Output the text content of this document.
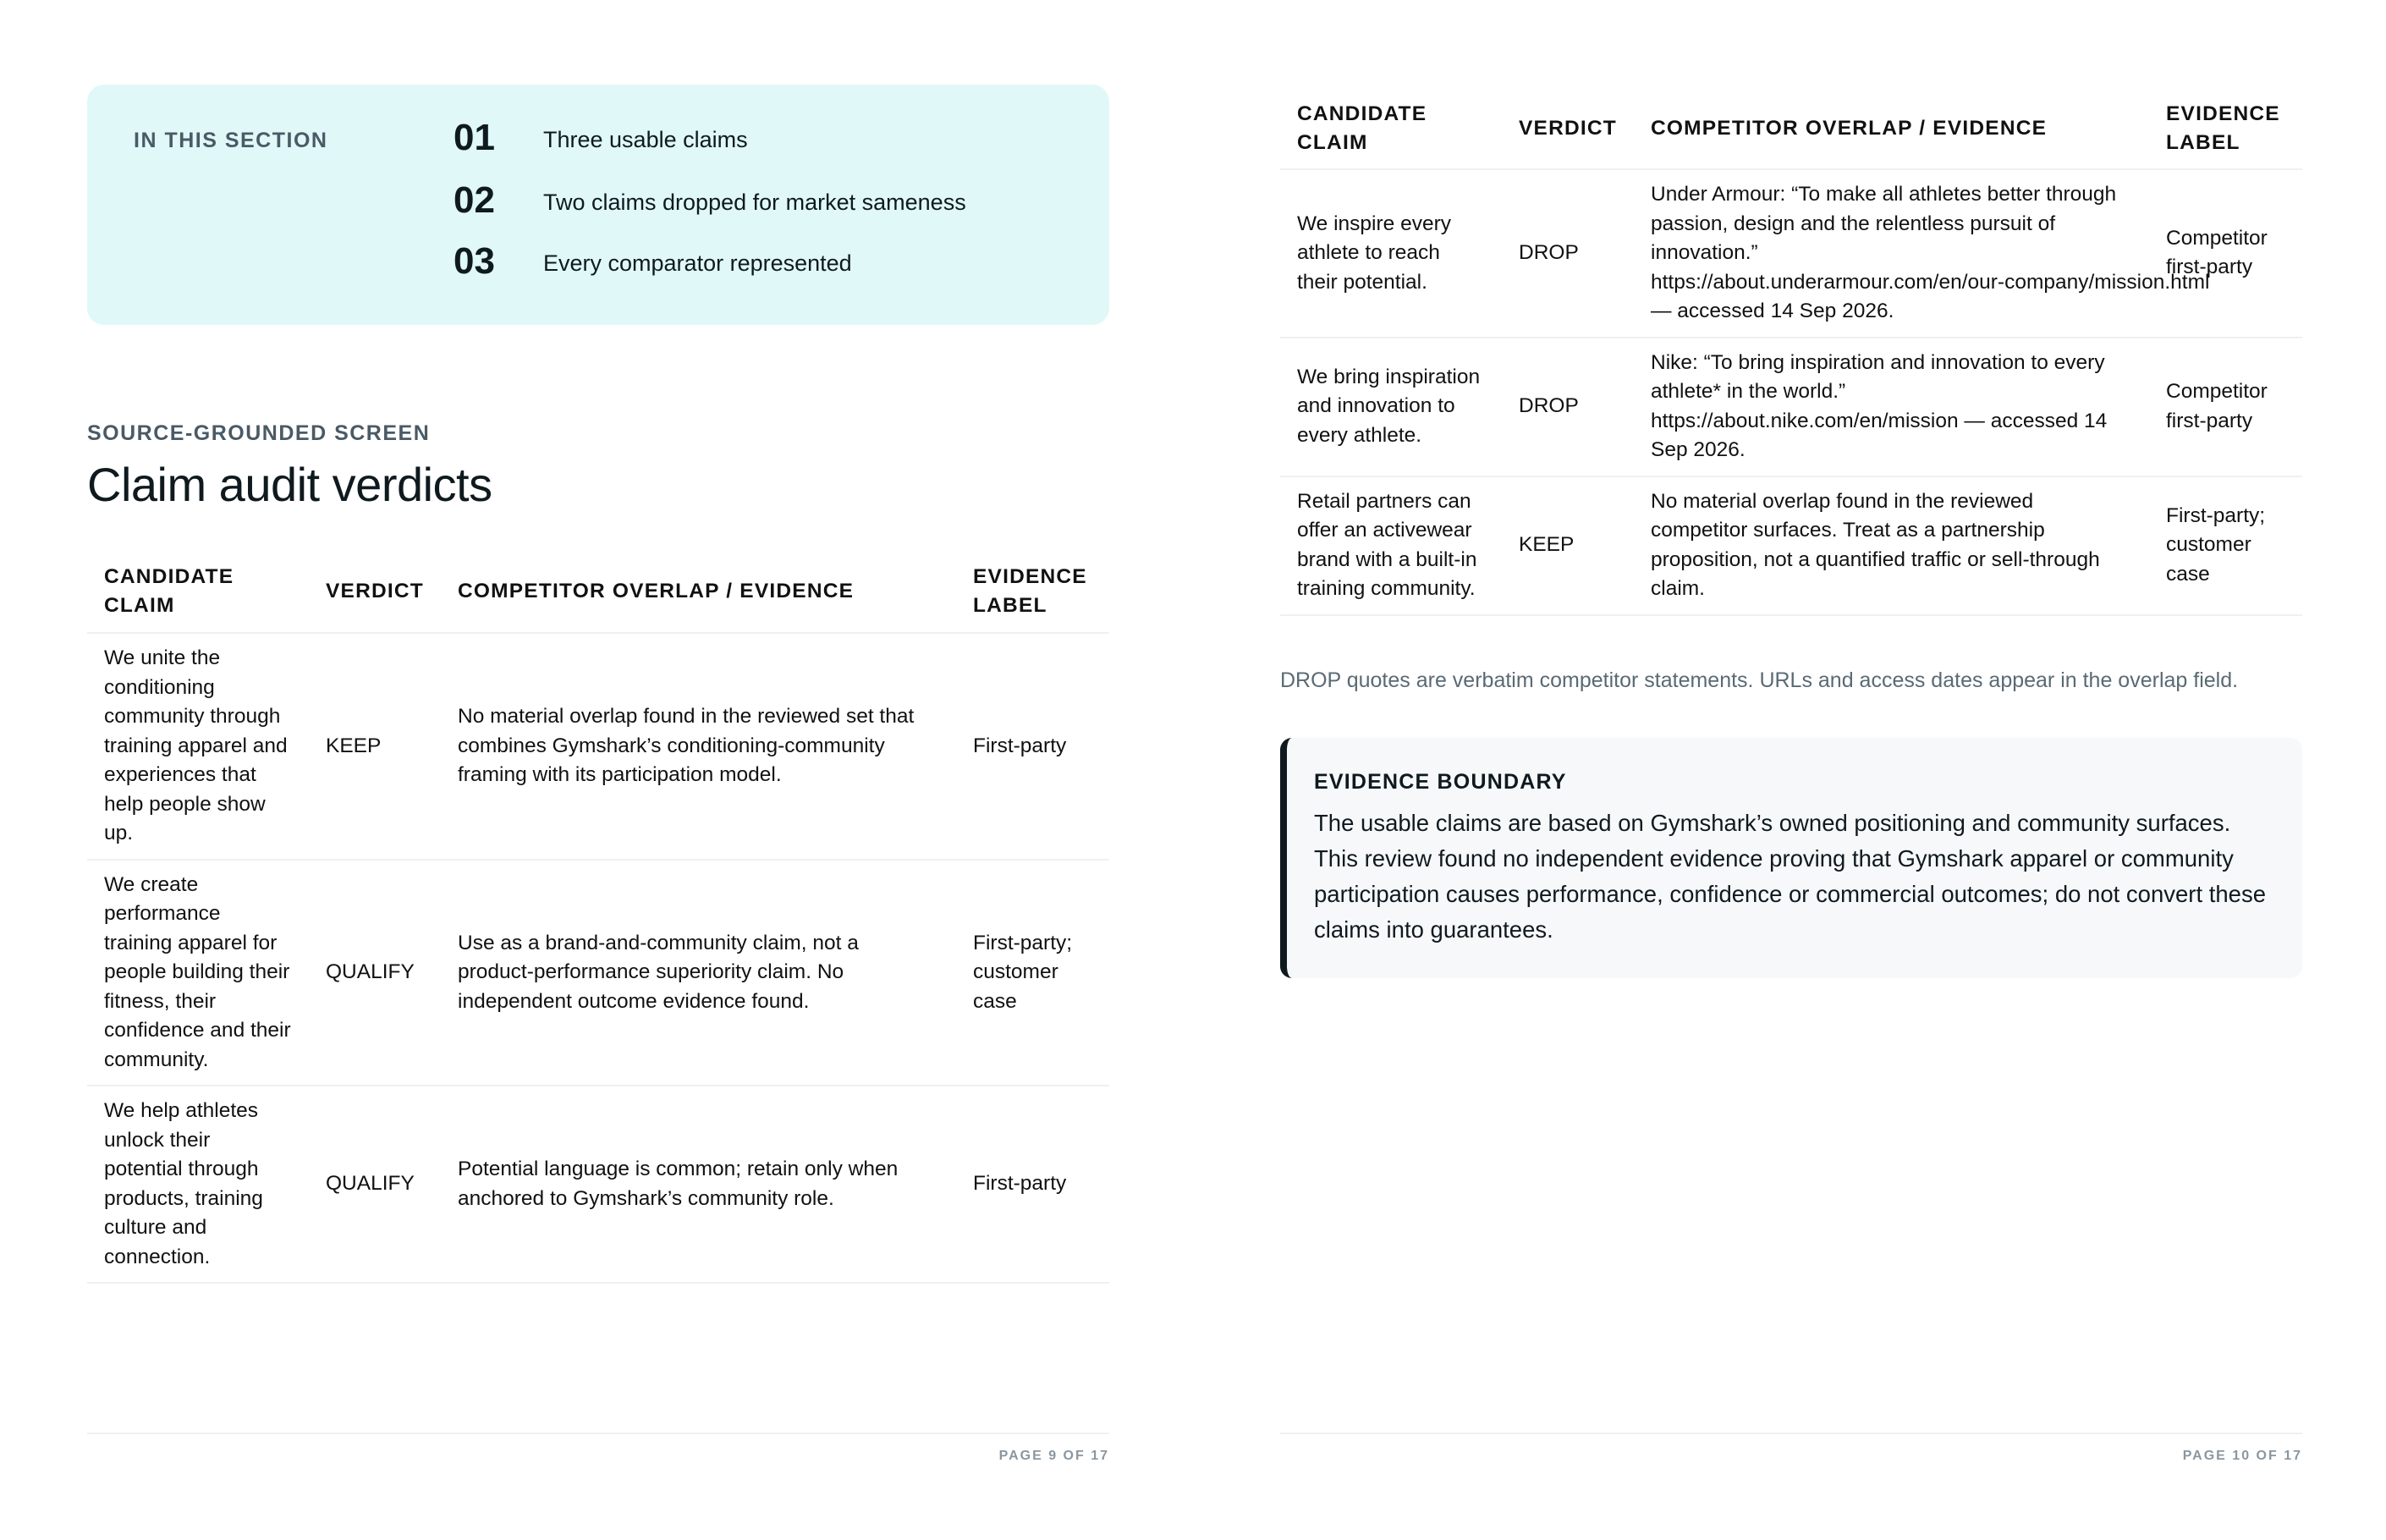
IN THIS SECTION	01 Three usable claims
02 Two claims dropped for market sameness
03 Every comparator represented
SOURCE-GROUNDED SCREEN
Claim audit verdicts
CANDIDATE CLAIM	VERDICT	COMPETITOR OVERLAP / EVIDENCE	EVIDENCE LABEL
We unite the conditioning community through training apparel and experiences that help people show up.	KEEP	No material overlap found in the reviewed set that combines Gymshark’s conditioning‑community framing with its participation model.	First‑party
We create performance training apparel for people building their fitness, their confidence and their community.	QUALIFY	Use as a brand‑and‑community claim, not a product‑performance superiority claim. No independent outcome evidence found.	First‑party; customer case
We help athletes unlock their potential through products, training culture and connection.	QUALIFY	Potential language is common; retain only when anchored to Gymshark’s community role.	First‑party
PAGE 9 OF 17
CANDIDATE CLAIM	VERDICT	COMPETITOR OVERLAP / EVIDENCE	EVIDENCE LABEL
We inspire every athlete to reach their potential.	DROP	Under Armour: “To make all athletes better through passion, design and the relentless pursuit of innovation.” https://about.underarmour.com/en/our‑company/mission.html — accessed 14 Sep 2026.	Competitor first‑party
We bring inspiration and innovation to every athlete.	DROP	Nike: “To bring inspiration and innovation to every athlete* in the world.” https://about.nike.com/en/mission — accessed 14 Sep 2026.	Competitor first‑party
Retail partners can offer an activewear brand with a built‑in training community.	KEEP	No material overlap found in the reviewed competitor surfaces. Treat as a partnership proposition, not a quantified traffic or sell‑through claim.	First‑party; customer case
DROP quotes are verbatim competitor statements. URLs and access dates appear in the overlap field.
EVIDENCE BOUNDARY
The usable claims are based on Gymshark’s owned positioning and community surfaces. This review found no independent evidence proving that Gymshark apparel or community participation causes performance, confidence or commercial outcomes; do not convert these claims into guarantees.
PAGE 10 OF 17
